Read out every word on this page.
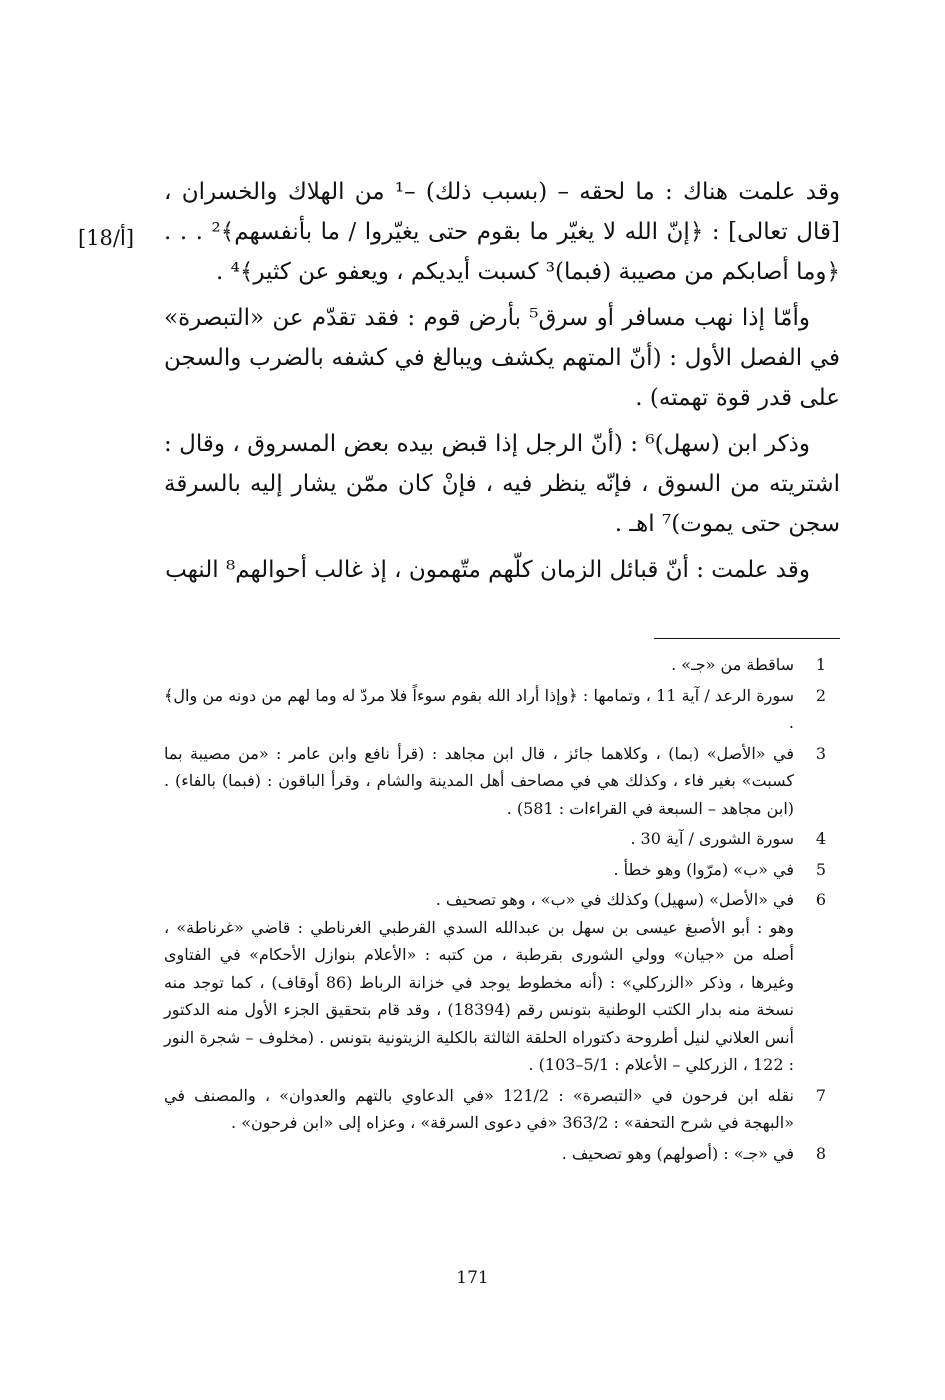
[18/أ]

وقد علمت هناك : ما لحقه – (بسبب ذلك) –¹ من الهلاك والخسران ، [قال تعالى] : ﴿إنّ الله لا يغيّر ما بقوم حتى يغيّروا / ما بأنفسهم﴾² . . . ﴿وما أصابكم من مصيبة (فبما)³ كسبت أيديكم ، ويعفو عن كثير﴾⁴ .

وأمّا إذا نهب مسافر أو سرق⁵ بأرض قوم : فقد تقدّم عن «التبصرة» في الفصل الأول : (أنّ المتهم يكشف ويبالغ في كشفه بالضرب والسجن على قدر قوة تهمته) .

وذكر ابن (سهل)⁶ : (أنّ الرجل إذا قبض بيده بعض المسروق ، وقال : اشتريته من السوق ، فإنّه ينظر فيه ، فإنْ كان ممّن يشار إليه بالسرقة سجن حتى يموت)⁷ اهـ .

وقد علمت : أنّ قبائل الزمان كلّهم متّهمون ، إذ غالب أحوالهم⁸ النهب

1
ساقطة من «جـ» .
2
سورة الرعد / آية 11 ، وتمامها : ﴿وإذا أراد الله بقوم سوءاً فلا مردّ له وما لهم من دونه من وال﴾ .
3
في «الأصل» (بما) ، وكلاهما جائز ، قال ابن مجاهد : (قرأ نافع وابن عامر : «من مصيبة بما كسبت» بغير فاء ، وكذلك هي في مصاحف أهل المدينة والشام ، وقرأ الباقون : (فبما) بالفاء) . (ابن مجاهد – السبعة في القراءات : 581) .
4
سورة الشورى / آية 30 .
5
في «ب» (مرّوا) وهو خطأ .
6
في «الأصل» (سهيل) وكذلك في «ب» ، وهو تصحيف .
وهو : أبو الأصبغ عيسى بن سهل بن عبدالله السدي القرطبي الغرناطي : قاضي «غرناطة» ، أصله من «جيان» وولي الشورى بقرطبة ، من كتبه : «الأعلام بنوازل الأحكام» في الفتاوى وغيرها ، وذكر «الزركلي» : (أنه مخطوط يوجد في خزانة الرباط (86 أوقاف) ، كما توجد منه نسخة منه بدار الكتب الوطنية بتونس رقم (18394) ، وقد قام بتحقيق الجزء الأول منه الدكتور أنس العلاني لنيل أطروحة دكتوراه الحلقة الثالثة بالكلية الزيتونية بتونس . (مخلوف – شجرة النور : 122 ، الزركلي – الأعلام : 5/1–103) .
7
نقله ابن فرحون في «التبصرة» : 121/2 «في الدعاوي بالتهم والعدوان» ، والمصنف في «البهجة في شرح التحفة» : 363/2 «في دعوى السرقة» ، وعزاه إلى «ابن فرحون» .
8
في «جـ» : (أصولهم) وهو تصحيف .
171
